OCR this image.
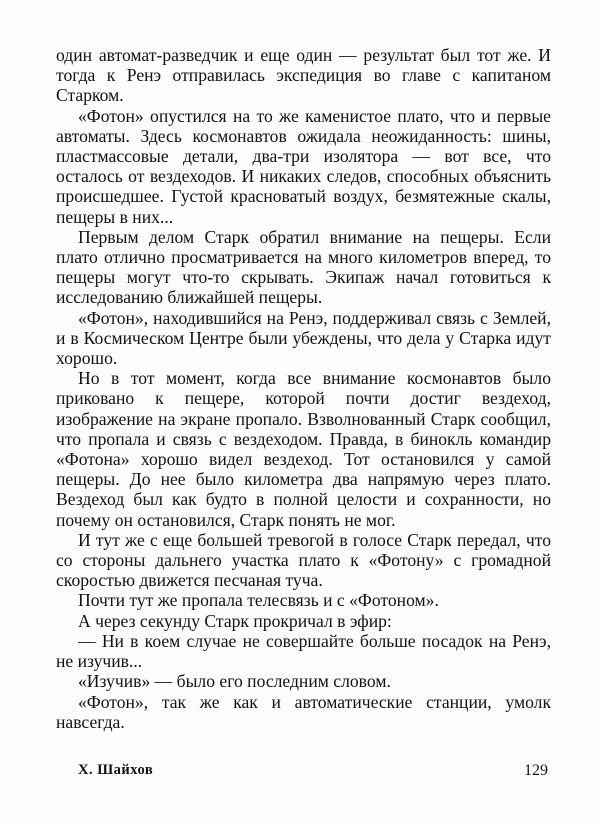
один автомат-разведчик и еще один — результат был тот же. И тогда к Ренэ отправилась экспедиция во главе с капитаном Старком.

«Фотон» опустился на то же каменистое плато, что и первые автоматы. Здесь космонавтов ожидала неожиданность: шины, пластмассовые детали, два-три изолятора — вот все, что осталось от вездеходов. И никаких следов, способных объяснить происшедшее. Густой красноватый воздух, безмятежные скалы, пещеры в них...

Первым делом Старк обратил внимание на пещеры. Если плато отлично просматривается на много километров вперед, то пещеры могут что-то скрывать. Экипаж начал готовиться к исследованию ближайшей пещеры.

«Фотон», находившийся на Ренэ, поддерживал связь с Землей, и в Космическом Центре были убеждены, что дела у Старка идут хорошо.

Но в тот момент, когда все внимание космонавтов было приковано к пещере, которой почти достиг вездеход, изображение на экране пропало. Взволнованный Старк сообщил, что пропала и связь с вездеходом. Правда, в бинокль командир «Фотона» хорошо видел вездеход. Тот остановился у самой пещеры. До нее было километра два напрямую через плато. Вездеход был как будто в полной целости и сохранности, но почему он остановился, Старк понять не мог.

И тут же с еще большей тревогой в голосе Старк передал, что со стороны дальнего участка плато к «Фотону» с громадной скоростью движется песчаная туча.

Почти тут же пропала телесвязь и с «Фотоном».

А через секунду Старк прокричал в эфир:

— Ни в коем случае не совершайте больше посадок на Ренэ, не изучив...

«Изучив» — было его последним словом.

«Фотон», так же как и автоматические станции, умолк навсегда.

Х. Шайхов	129
